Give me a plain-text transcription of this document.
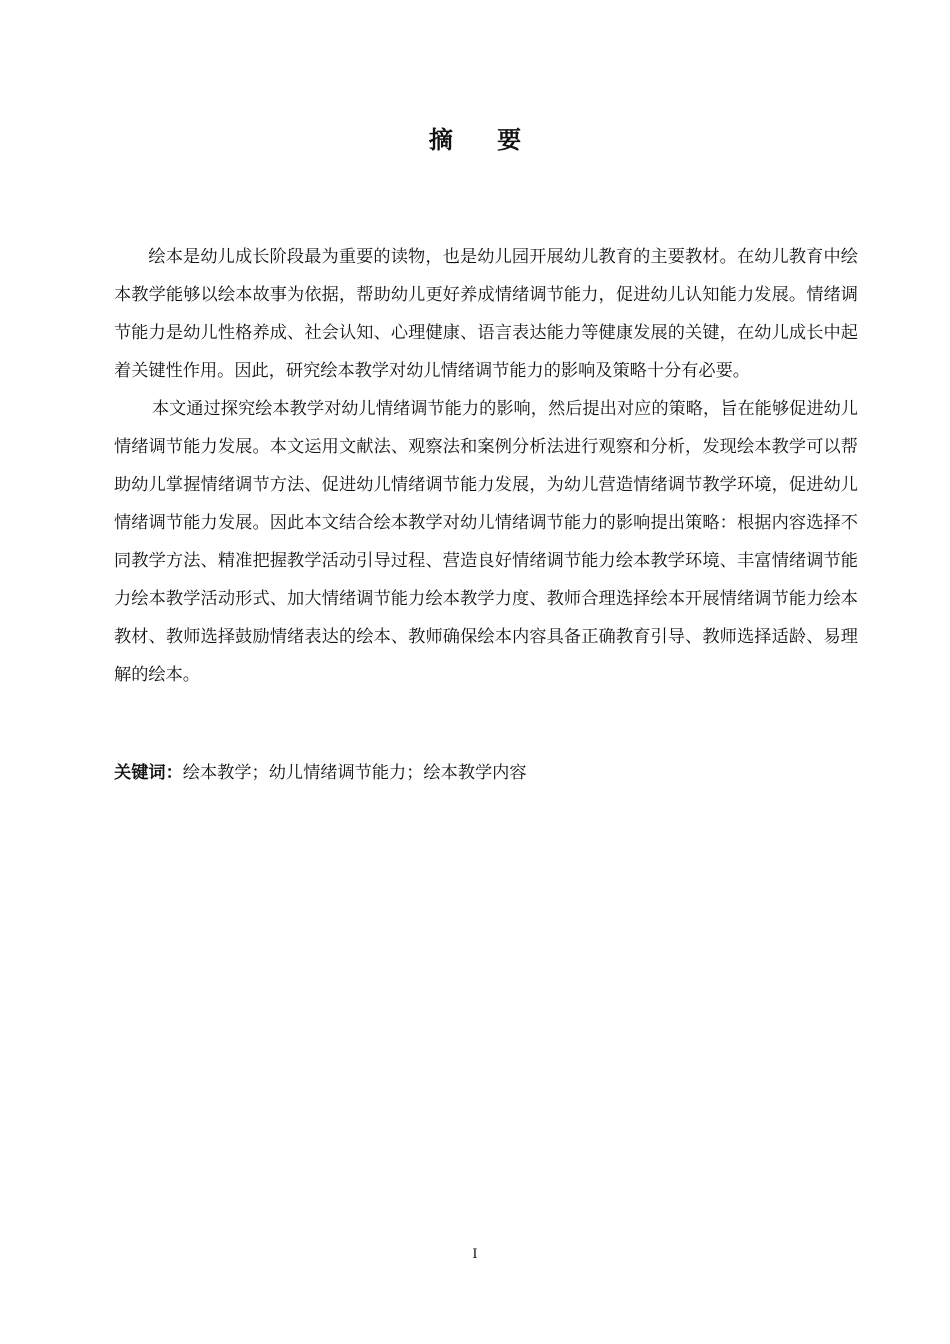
摘 要

绘本是幼儿成长阶段最为重要的读物，也是幼儿园开展幼儿教育的主要教材。在幼儿教育中绘本教学能够以绘本故事为依据，帮助幼儿更好养成情绪调节能力，促进幼儿认知能力发展。情绪调节能力是幼儿性格养成、社会认知、心理健康、语言表达能力等健康发展的关键，在幼儿成长中起着关键性作用。因此，研究绘本教学对幼儿情绪调节能力的影响及策略十分有必要。

本文通过探究绘本教学对幼儿情绪调节能力的影响，然后提出对应的策略，旨在能够促进幼儿情绪调节能力发展。本文运用文献法、观察法和案例分析法进行观察和分析，发现绘本教学可以帮助幼儿掌握情绪调节方法、促进幼儿情绪调节能力发展，为幼儿营造情绪调节教学环境，促进幼儿情绪调节能力发展。因此本文结合绘本教学对幼儿情绪调节能力的影响提出策略：根据内容选择不同教学方法、精准把握教学活动引导过程、营造良好情绪调节能力绘本教学环境、丰富情绪调节能力绘本教学活动形式、加大情绪调节能力绘本教学力度、教师合理选择绘本开展情绪调节能力绘本教材、教师选择鼓励情绪表达的绘本、教师确保绘本内容具备正确教育引导、教师选择适龄、易理解的绘本。

关键词：绘本教学；幼儿情绪调节能力；绘本教学内容
I
